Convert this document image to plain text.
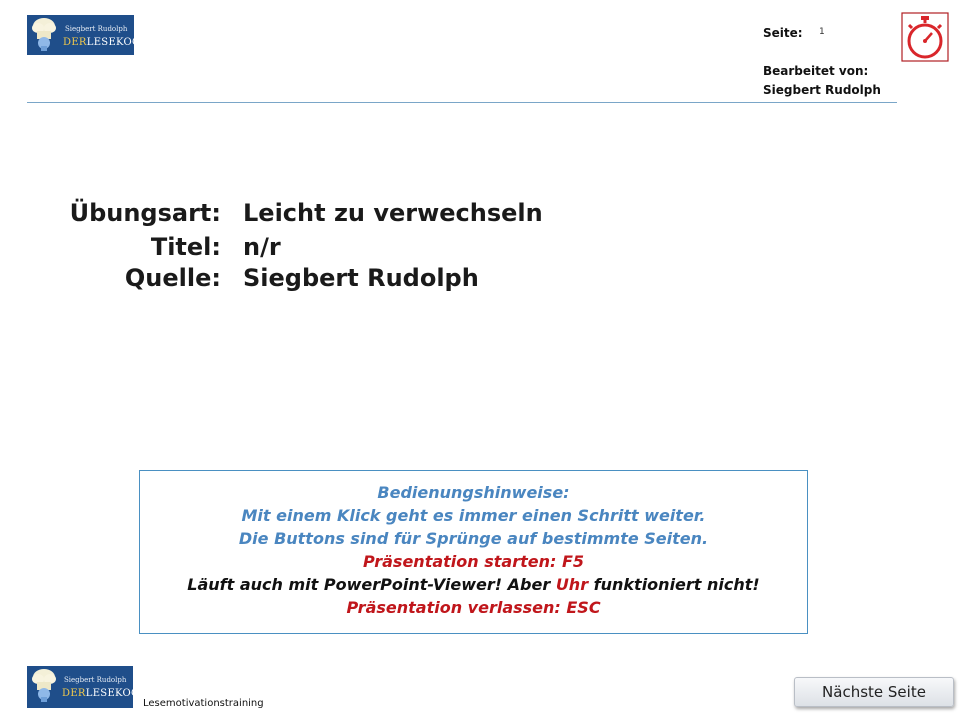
Siegbert Rudolph
DERLESEKOCH
Seite: 1
Bearbeitet von:
Siegbert Rudolph
Übungsart: Leicht zu verwechseln
Titel: n/r
Quelle: Siegbert Rudolph
Bedienungshinweise:
Mit einem Klick geht es immer einen Schritt weiter.
Die Buttons sind für Sprünge auf bestimmte Seiten.
Präsentation starten: F5
Läuft auch mit PowerPoint-Viewer! Aber Uhr funktioniert nicht!
Präsentation verlassen: ESC
Siegbert Rudolph
DERLESEKOCH
Lesemotivationstraining
Nächste Seite
